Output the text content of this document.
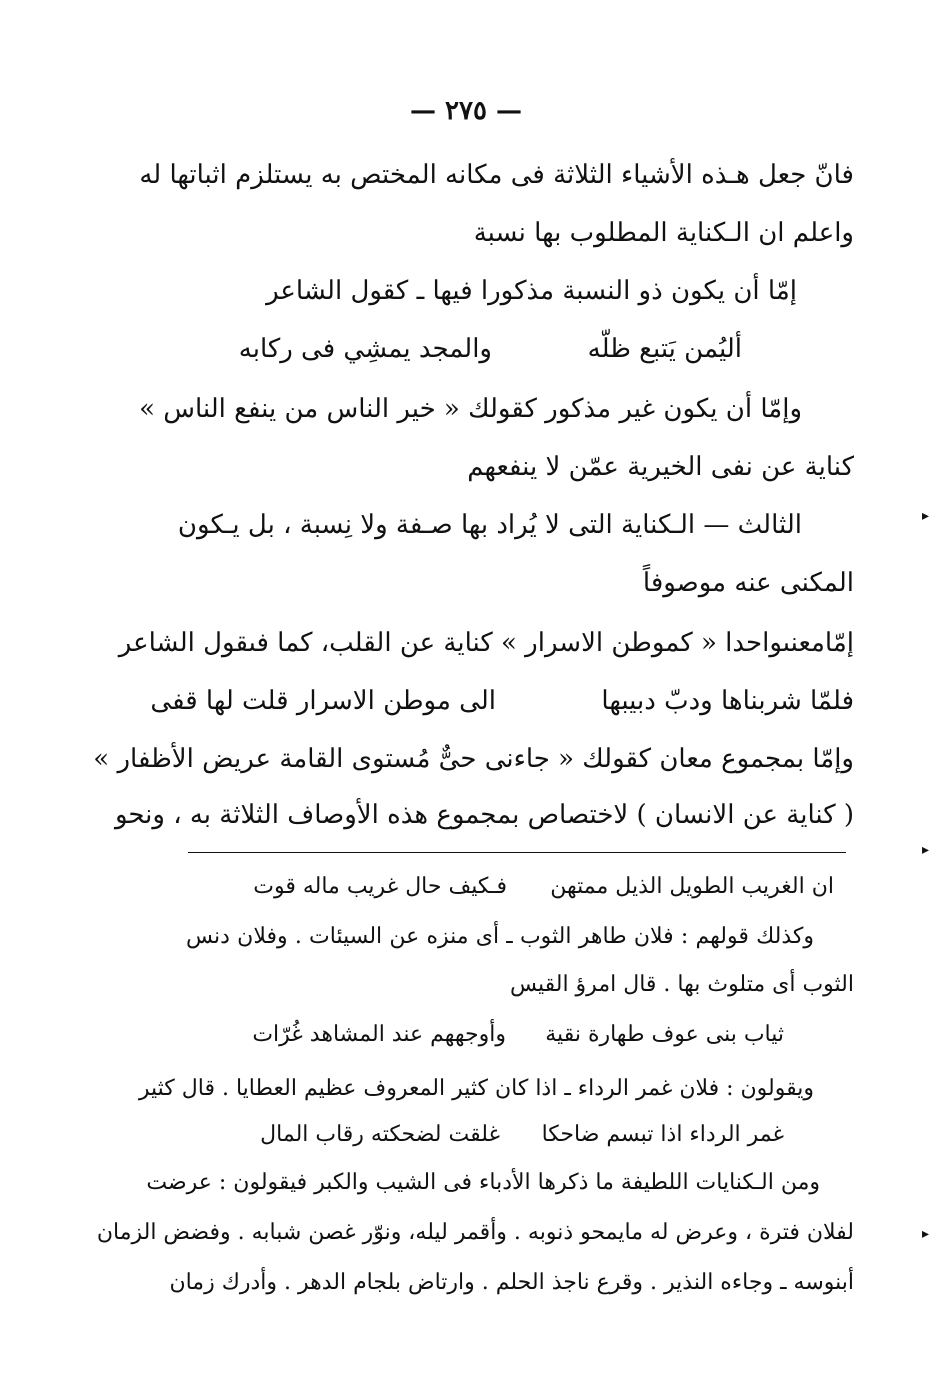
— ٢٧٥ —
فانّ جعل هـذه الأشياء الثلاثة فى مكانه المختص به يستلزم اثباتها له
واعلم ان الـكناية المطلوب بها نسبة
إمّا أن يكون ذو النسبة مذكورا فيها ـ كقول الشاعر
أليُمن يَتبع ظلّه
والمجد يمشِي فى ركابه
وإمّا أن يكون غير مذكور كقولك « خير الناس من ينفع الناس »
كناية عن نفى الخيرية عمّن لا ينفعهم
الثالث — الـكناية التى لا يُراد بها صـفة ولا نِسبة ، بل يـكون
المكنى عنه موصوفاً
إمّامعنىواحدا « كموطن الاسرار » كناية عن القلب، كما فىقول الشاعر
فلمّا شربناها ودبّ دبيبها
الى موطن الاسرار قلت لها قفى
وإمّا بمجموع معان كقولك « جاءنى حىٌّ مُستوى القامة عريض الأظفار »
( كناية عن الانسان ) لاختصاص بمجموع هذه الأوصاف الثلاثة به ، ونحو
ان الغريب الطويل الذيل ممتهن
فـكيف حال غريب ماله قوت
وكذلك قولهم : فلان طاهر الثوب ـ أى منزه عن السيئات . وفلان دنس
الثوب أى متلوث بها . قال امرؤ القيس
ثياب بنى عوف طهارة نقية
وأوجههم عند المشاهد غُرّات
ويقولون : فلان غمر الرداء ـ اذا كان كثير المعروف عظيم العطايا . قال كثير
غمر الرداء اذا تبسم ضاحكا
غلقت لضحكته رقاب المال
ومن الـكنايات اللطيفة ما ذكرها الأدباء فى الشيب والكبر فيقولون : عرضت
لفلان فترة ، وعرض له مايمحو ذنوبه . وأقمر ليله، ونوّر غصن شبابه . وفضض الزمان
أبنوسه ـ وجاءه النذير . وقرع ناجذ الحلم . وارتاض بلجام الدهر . وأدرك زمان
▸
▸
▸
